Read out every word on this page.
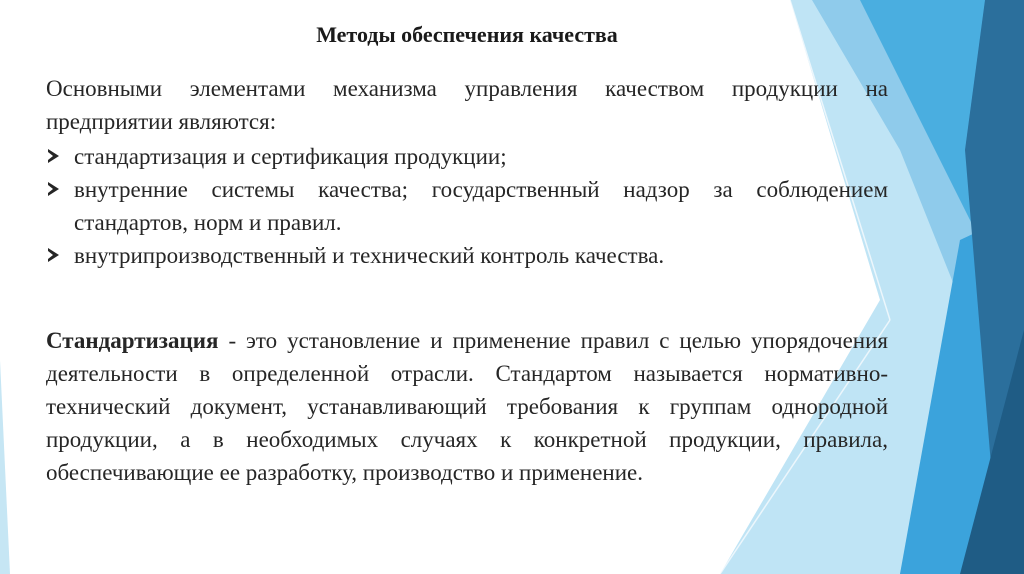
Методы обеспечения качества
Основными элементами механизма управления качеством продукции на предприятии являются:
стандартизация и сертификация продукции;
внутренние системы качества; государственный надзор за соблюдением стандартов, норм и правил.
внутрипроизводственный и технический контроль качества.
Стандартизация - это установление и применение правил с целью упорядочения деятельности в определенной отрасли. Стандартом называется нормативно-технический документ, устанавливающий требования к группам однородной продукции, а в необходимых случаях к конкретной продукции, правила, обеспечивающие ее разработку, производство и применение.
